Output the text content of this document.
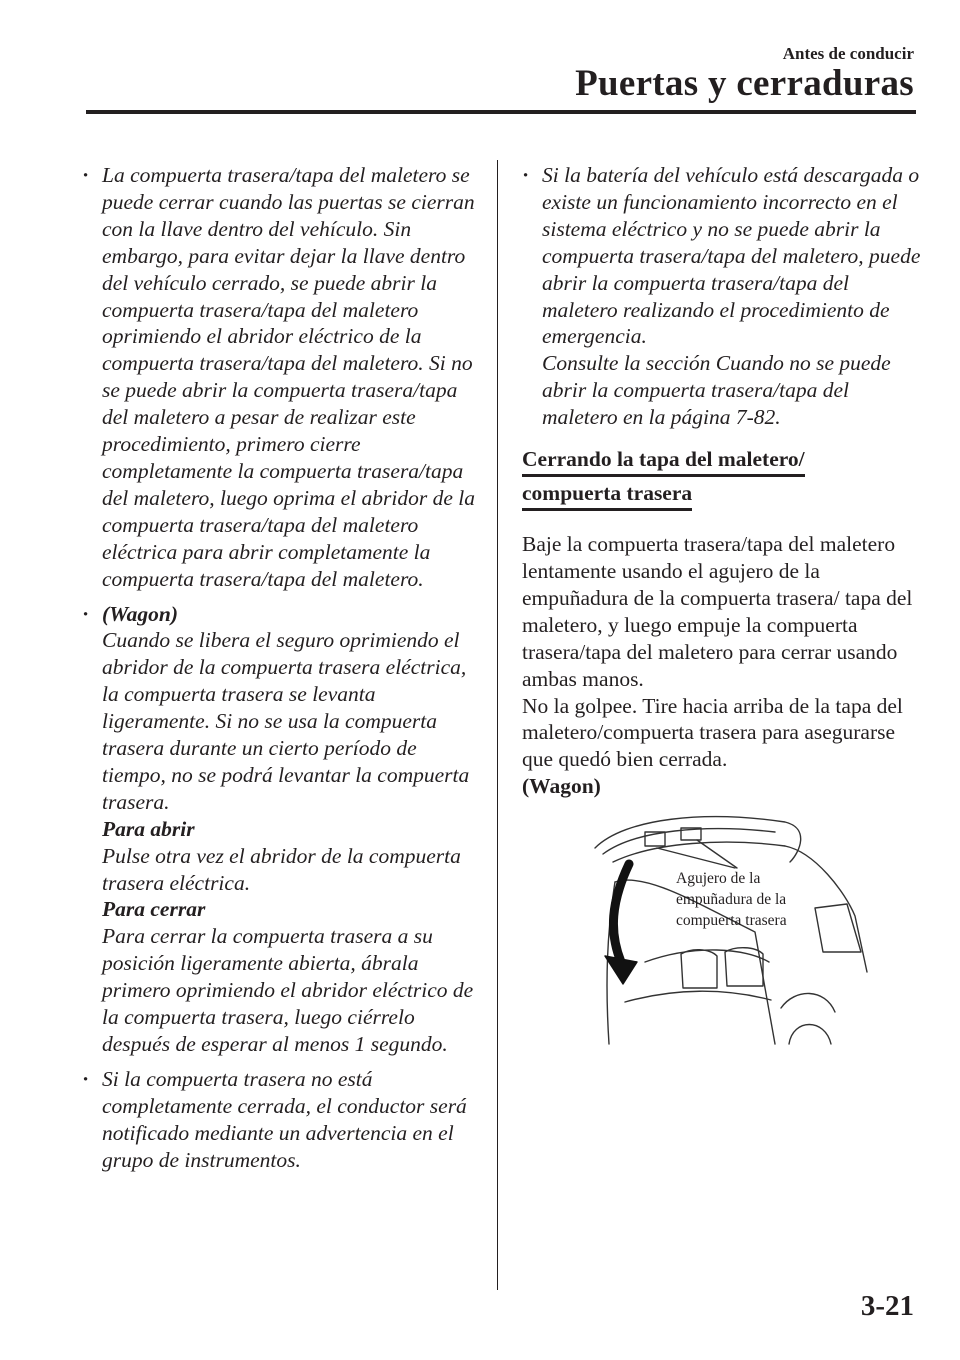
Antes de conducir
Puertas y cerraduras
· La compuerta trasera/tapa del maletero se puede cerrar cuando las puertas se cierran con la llave dentro del vehículo. Sin embargo, para evitar dejar la llave dentro del vehículo cerrado, se puede abrir la compuerta trasera/tapa del maletero oprimiendo el abridor eléctrico de la compuerta trasera/tapa del maletero. Si no se puede abrir la compuerta trasera/tapa del maletero a pesar de realizar este procedimiento, primero cierre completamente la compuerta trasera/tapa del maletero, luego oprima el abridor de la compuerta trasera/tapa del maletero eléctrica para abrir completamente la compuerta trasera/tapa del maletero.

· (Wagon)

Cuando se libera el seguro oprimiendo el abridor de la compuerta trasera eléctrica, la compuerta trasera se levanta ligeramente. Si no se usa la compuerta trasera durante un cierto período de tiempo, no se podrá levantar la compuerta trasera.

Para abrir

Pulse otra vez el abridor de la compuerta trasera eléctrica.

Para cerrar

Para cerrar la compuerta trasera a su posición ligeramente abierta, ábrala primero oprimiendo el abridor eléctrico de la compuerta trasera, luego ciérrelo después de esperar al menos 1 segundo.

· Si la compuerta trasera no está completamente cerrada, el conductor será notificado mediante un advertencia en el grupo de instrumentos.

· Si la batería del vehículo está descargada o existe un funcionamiento incorrecto en el sistema eléctrico y no se puede abrir la compuerta trasera/tapa del maletero, puede abrir la compuerta trasera/tapa del maletero realizando el procedimiento de emergencia.

Consulte la sección Cuando no se puede abrir la compuerta trasera/tapa del maletero en la página 7-82.

Cerrando la tapa del maletero/
compuerta trasera

Baje la compuerta trasera/tapa del maletero lentamente usando el agujero de la empuñadura de la compuerta trasera/ tapa del maletero, y luego empuje la compuerta trasera/tapa del maletero para cerrar usando ambas manos.

No la golpee. Tire hacia arriba de la tapa del maletero/compuerta trasera para asegurarse que quedó bien cerrada.

(Wagon)

Agujero de la
empuñadura de la
compuerta trasera
3-21
